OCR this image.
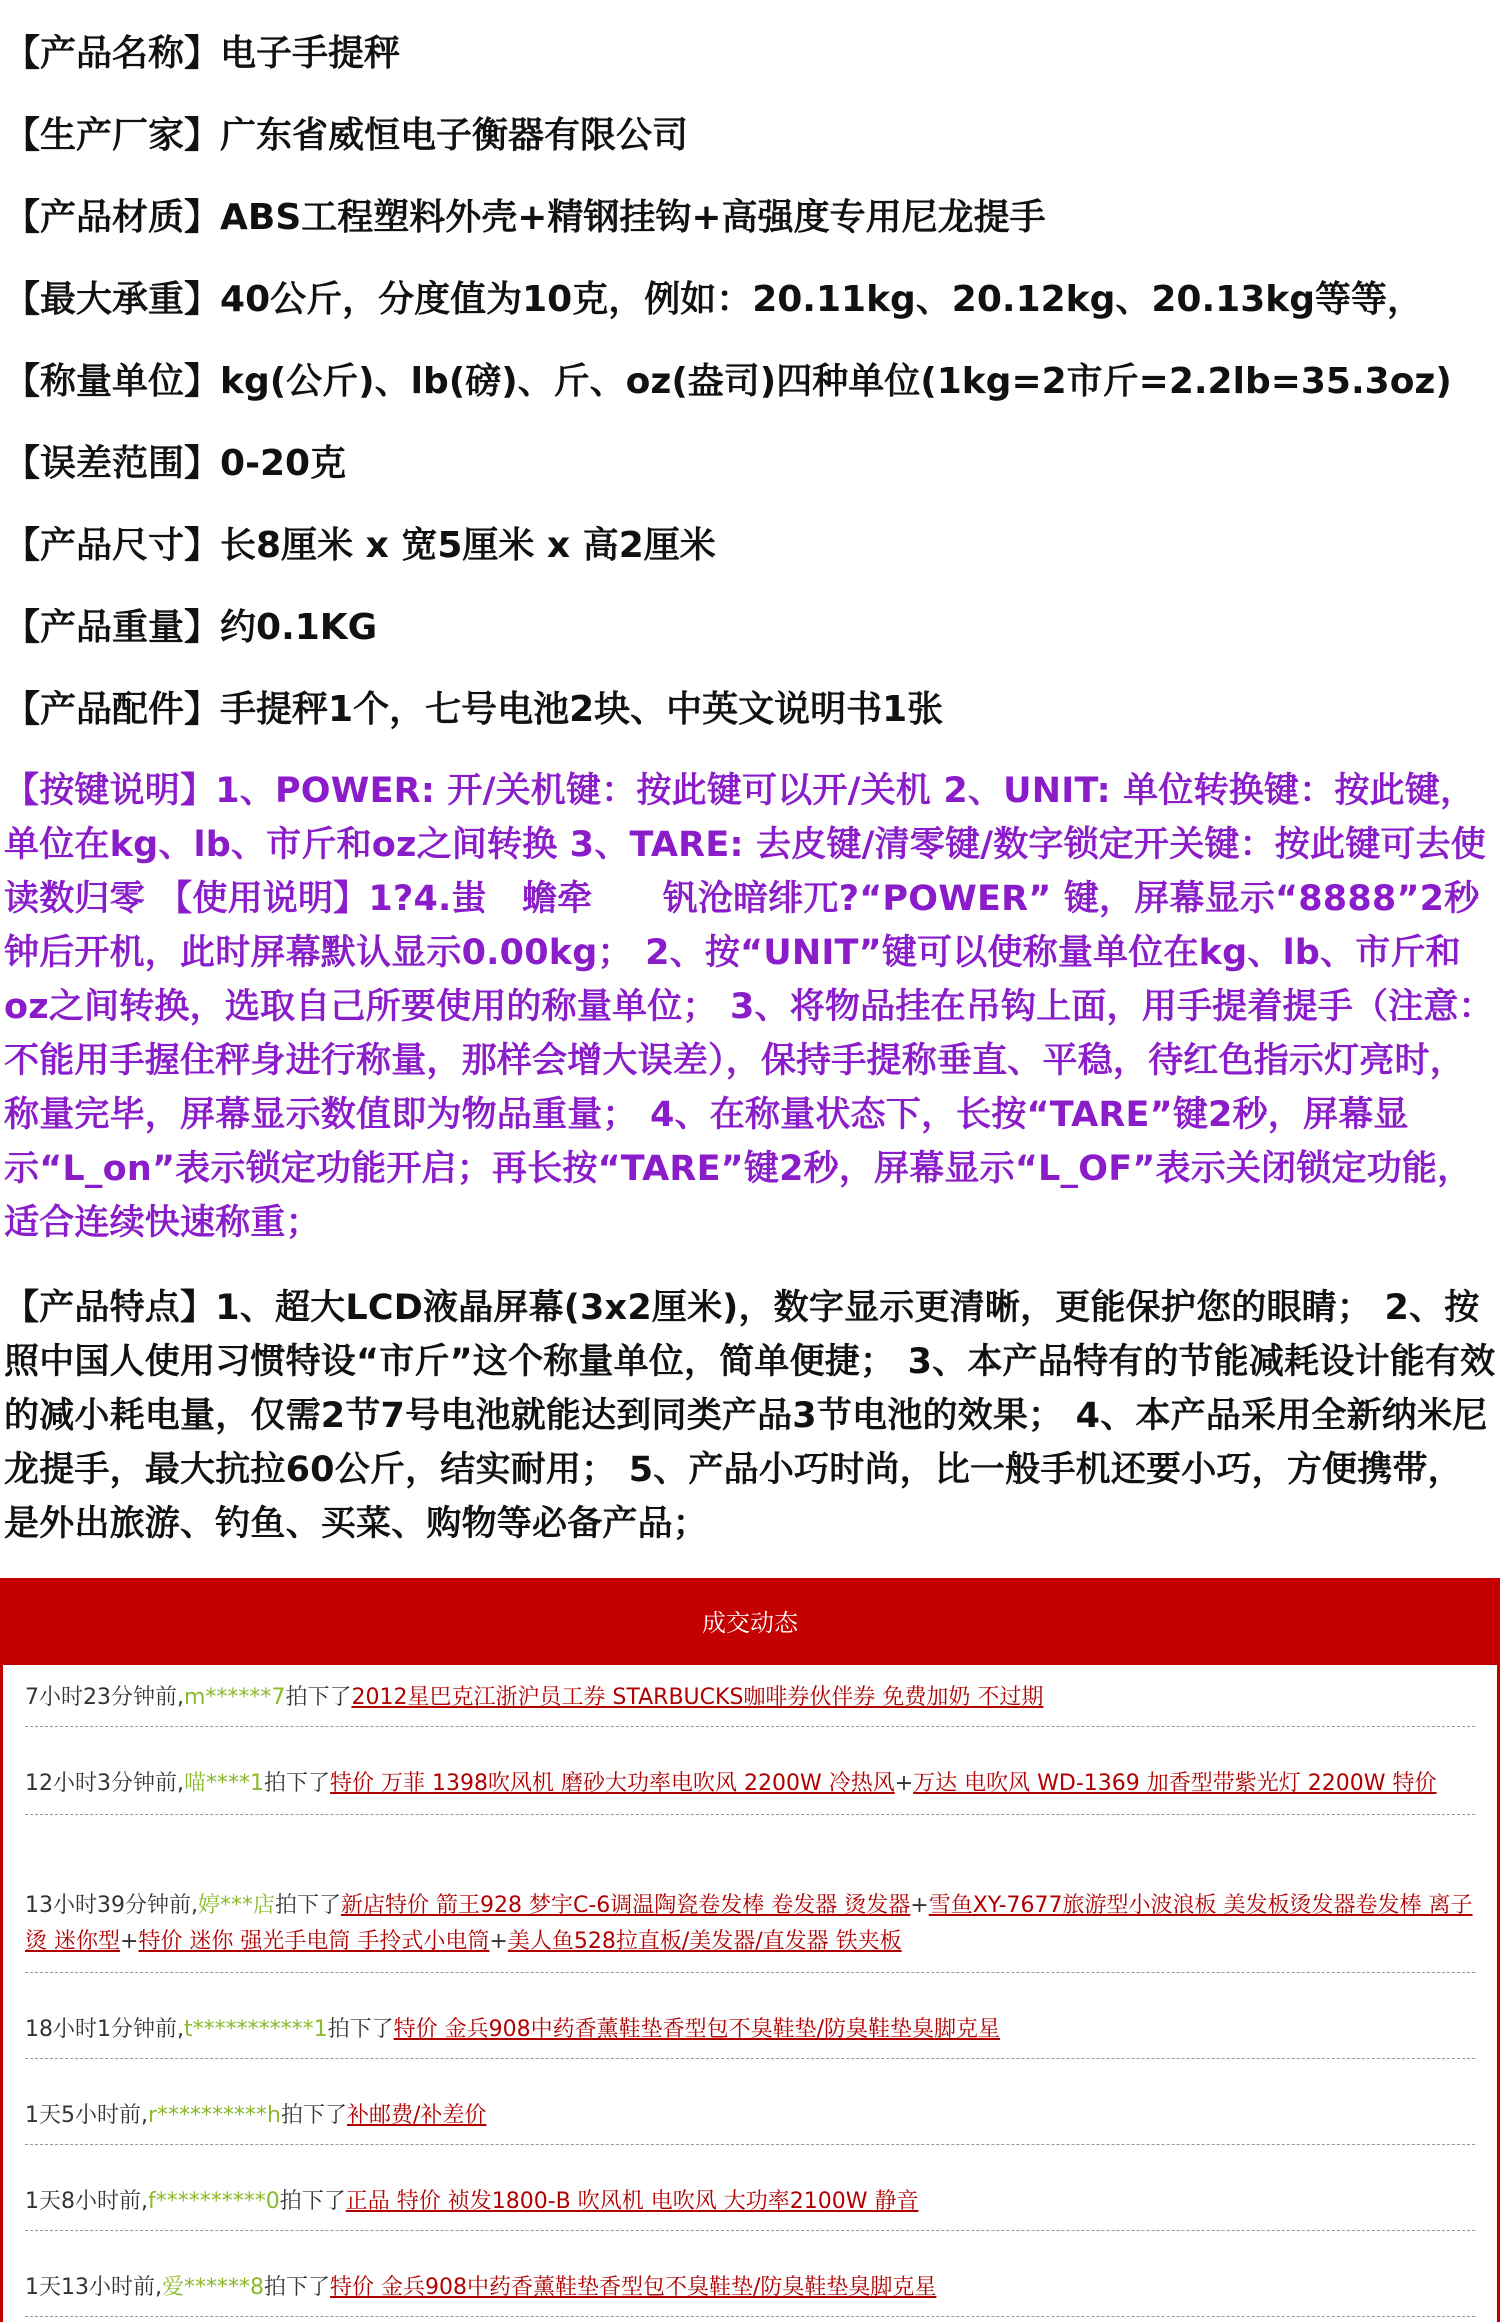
【产品名称】电子手提秤
【生产厂家】广东省威恒电子衡器有限公司
【产品材质】ABS工程塑料外壳+精钢挂钩+高强度专用尼龙提手
【最大承重】40公斤，分度值为10克，例如：20.11kg、20.12kg、20.13kg等等，
【称量单位】kg(公斤)、lb(磅)、斤、oz(盎司)四种单位(1kg=2市斤=2.2lb=35.3oz)
【误差范围】0-20克
【产品尺寸】长8厘米 x 宽5厘米 x 高2厘米
【产品重量】约0.1KG
【产品配件】手提秤1个，七号电池2块、中英文说明书1张
【按键说明】1、POWER: 开/关机键：按此键可以开/关机 2、UNIT: 单位转换键：按此键，单位在kg、lb、市斤和oz之间转换 3、TARE: 去皮键/清零键/数字锁定开关键：按此键可去使读数归零 【使用说明】1?4.蚩　蟾牵　　钒沧暗绯兀?“POWER” 键，屏幕显示“8888”2秒钟后开机，此时屏幕默认显示0.00kg； 2、按“UNIT”键可以使称量单位在kg、lb、市斤和oz之间转换，选取自己所要使用的称量单位； 3、将物品挂在吊钩上面，用手提着提手（注意：不能用手握住秤身进行称量，那样会增大误差），保持手提称垂直、平稳，待红色指示灯亮时，称量完毕，屏幕显示数值即为物品重量； 4、在称量状态下，长按“TARE”键2秒，屏幕显示“L_on”表示锁定功能开启；再长按“TARE”键2秒，屏幕显示“L_OF”表示关闭锁定功能，适合连续快速称重；
【产品特点】1、超大LCD液晶屏幕(3x2厘米)，数字显示更清晰，更能保护您的眼睛； 2、按照中国人使用习惯特设“市斤”这个称量单位，简单便捷； 3、本产品特有的节能减耗设计能有效的减小耗电量，仅需2节7号电池就能达到同类产品3节电池的效果； 4、本产品采用全新纳米尼龙提手，最大抗拉60公斤，结实耐用； 5、产品小巧时尚，比一般手机还要小巧，方便携带，是外出旅游、钓鱼、买菜、购物等必备产品；
成交动态
7小时23分钟前,m******7拍下了2012星巴克江浙沪员工券 STARBUCKS咖啡券伙伴券 免费加奶 不过期
12小时3分钟前,喵****1拍下了特价 万菲 1398吹风机 磨砂大功率电吹风 2200W 冷热风+万达 电吹风 WD-1369 加香型带紫光灯 2200W 特价
13小时39分钟前,婷***店拍下了新店特价 箭王928 梦宇C-6调温陶瓷卷发棒 卷发器 烫发器+雪鱼XY-7677旅游型小波浪板 美发板烫发器卷发棒 离子烫 迷你型+特价 迷你 强光手电筒 手拎式小电筒+美人鱼528拉直板/美发器/直发器 铁夹板
18小时1分钟前,t***********1拍下了特价 金兵908中药香薰鞋垫香型包不臭鞋垫/防臭鞋垫臭脚克星
1天5小时前,r**********h拍下了补邮费/补差价
1天8小时前,f**********0拍下了正品 特价 祯发1800-B 吹风机 电吹风 大功率2100W 静音
1天13小时前,爱******8拍下了特价 金兵908中药香薰鞋垫香型包不臭鞋垫/防臭鞋垫臭脚克星
